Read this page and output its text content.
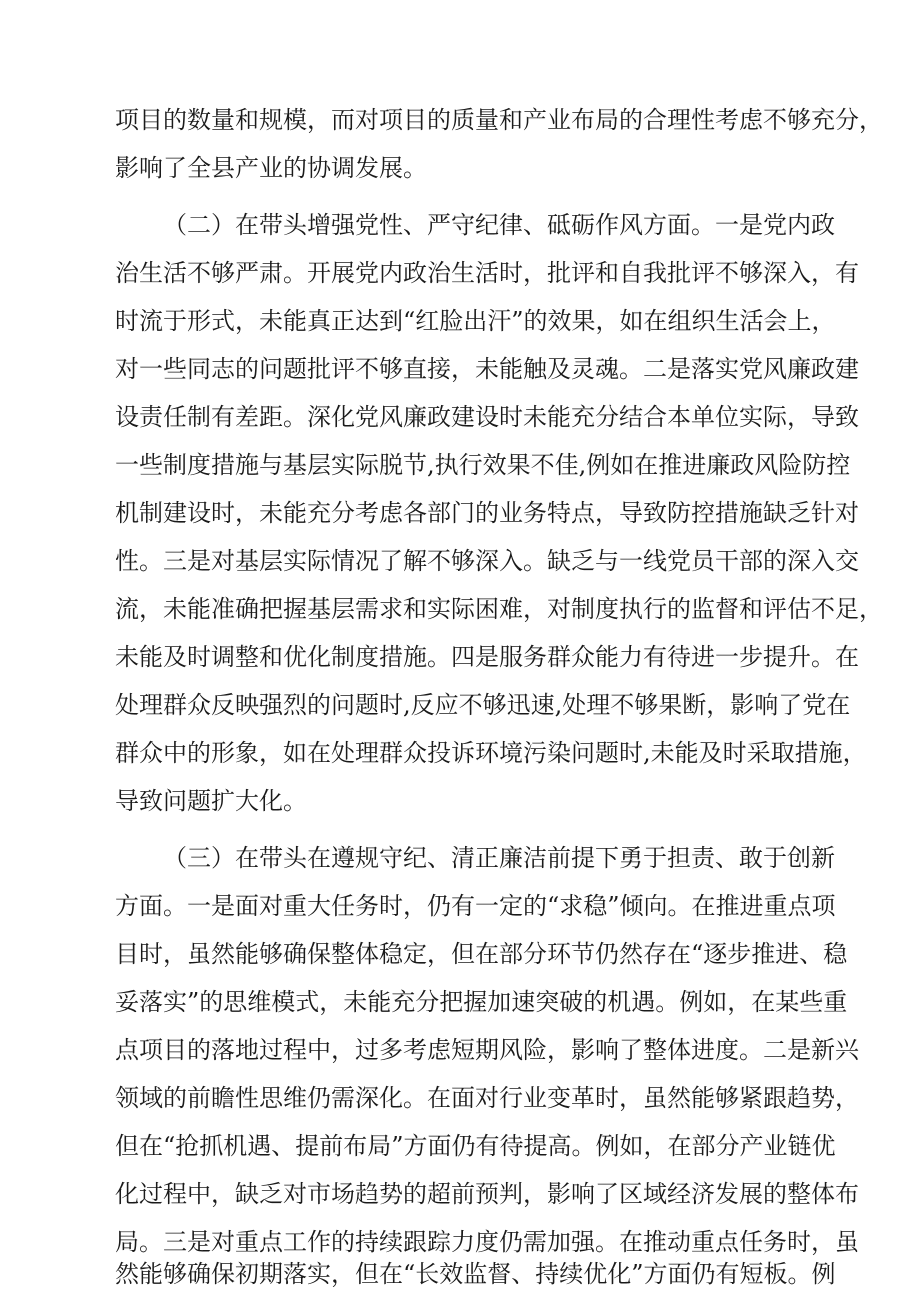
项目的数量和规模，而对项目的质量和产业布局的合理性考虑不够充分，
影响了全县产业的协调发展。
（二）在带头增强党性、严守纪律、砥砺作风方面。一是党内政
治生活不够严肃。开展党内政治生活时，批评和自我批评不够深入，有
时流于形式，未能真正达到“红脸出汗”的效果，如在组织生活会上，
对一些同志的问题批评不够直接，未能触及灵魂。二是落实党风廉政建
设责任制有差距。深化党风廉政建设时未能充分结合本单位实际，导致
一些制度措施与基层实际脱节,执行效果不佳,例如在推进廉政风险防控
机制建设时，未能充分考虑各部门的业务特点，导致防控措施缺乏针对
性。三是对基层实际情况了解不够深入。缺乏与一线党员干部的深入交
流，未能准确把握基层需求和实际困难，对制度执行的监督和评估不足，
未能及时调整和优化制度措施。四是服务群众能力有待进一步提升。在
处理群众反映强烈的问题时,反应不够迅速,处理不够果断，影响了党在
群众中的形象，如在处理群众投诉环境污染问题时,未能及时采取措施，
导致问题扩大化。
（三）在带头在遵规守纪、清正廉洁前提下勇于担责、敢于创新
方面。一是面对重大任务时，仍有一定的“求稳”倾向。在推进重点项
目时，虽然能够确保整体稳定，但在部分环节仍然存在“逐步推进、稳
妥落实”的思维模式，未能充分把握加速突破的机遇。例如，在某些重
点项目的落地过程中，过多考虑短期风险，影响了整体进度。二是新兴
领域的前瞻性思维仍需深化。在面对行业变革时，虽然能够紧跟趋势，
但在“抢抓机遇、提前布局”方面仍有待提高。例如，在部分产业链优
化过程中，缺乏对市场趋势的超前预判，影响了区域经济发展的整体布
局。三是对重点工作的持续跟踪力度仍需加强。在推动重点任务时，虽
然能够确保初期落实，但在“长效监督、持续优化”方面仍有短板。例
